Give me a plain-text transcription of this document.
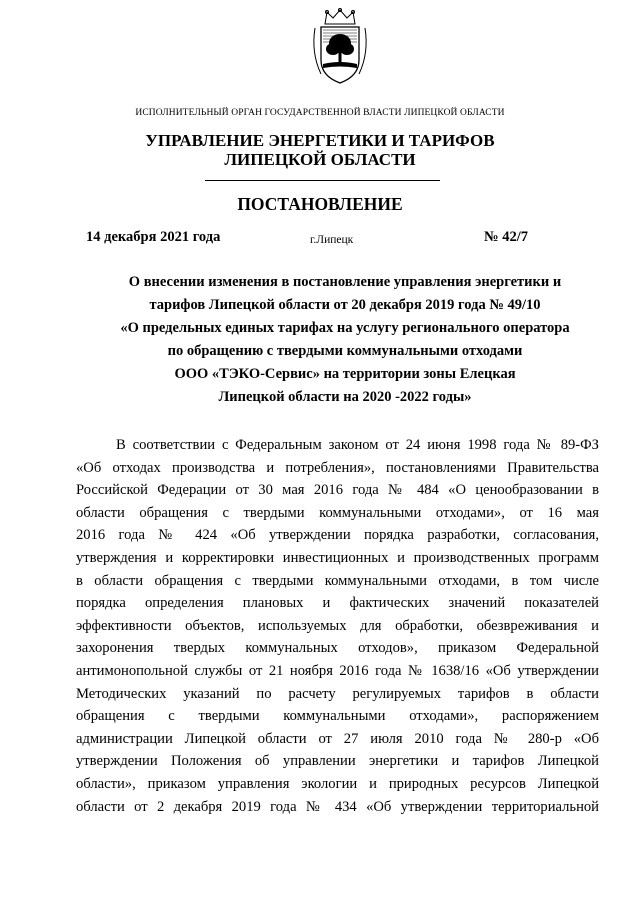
ИСПОЛНИТЕЛЬНЫЙ ОРГАН ГОСУДАРСТВЕННОЙ ВЛАСТИ ЛИПЕЦКОЙ ОБЛАСТИ
УПРАВЛЕНИЕ ЭНЕРГЕТИКИ И ТАРИФОВ
ЛИПЕЦКОЙ ОБЛАСТИ
ПОСТАНОВЛЕНИЕ
14 декабря 2021 года	г.Липецк	№ 42/7
О внесении изменения в постановление управления энергетики и
тарифов Липецкой области от 20 декабря 2019 года № 49/10
«О предельных единых тарифах на услугу регионального оператора
по обращению с твердыми коммунальными отходами
ООО «ТЭКО-Сервис» на территории зоны Елецкая
Липецкой области на 2020 -2022 годы»
В соответствии с Федеральным законом от 24 июня 1998 года № 89-ФЗ
«Об отходах производства и потребления», постановлениями Правительства
Российской Федерации от 30 мая 2016 года № 484 «О ценообразовании в
области обращения с твердыми коммунальными отходами», от 16 мая
2016 года № 424 «Об утверждении порядка разработки, согласования,
утверждения и корректировки инвестиционных и производственных программ
в области обращения с твердыми коммунальными отходами, в том числе
порядка определения плановых и фактических значений показателей
эффективности объектов, используемых для обработки, обезвреживания и
захоронения твердых коммунальных отходов», приказом Федеральной
антимонопольной службы от 21 ноября 2016 года № 1638/16 «Об утверждении
Методических указаний по расчету регулируемых тарифов в области
обращения с твердыми коммунальными отходами», распоряжением
администрации Липецкой области от 27 июля 2010 года № 280-р «Об
утверждении Положения об управлении энергетики и тарифов Липецкой
области», приказом управления экологии и природных ресурсов Липецкой
области от 2 декабря 2019 года № 434 «Об утверждении территориальной
